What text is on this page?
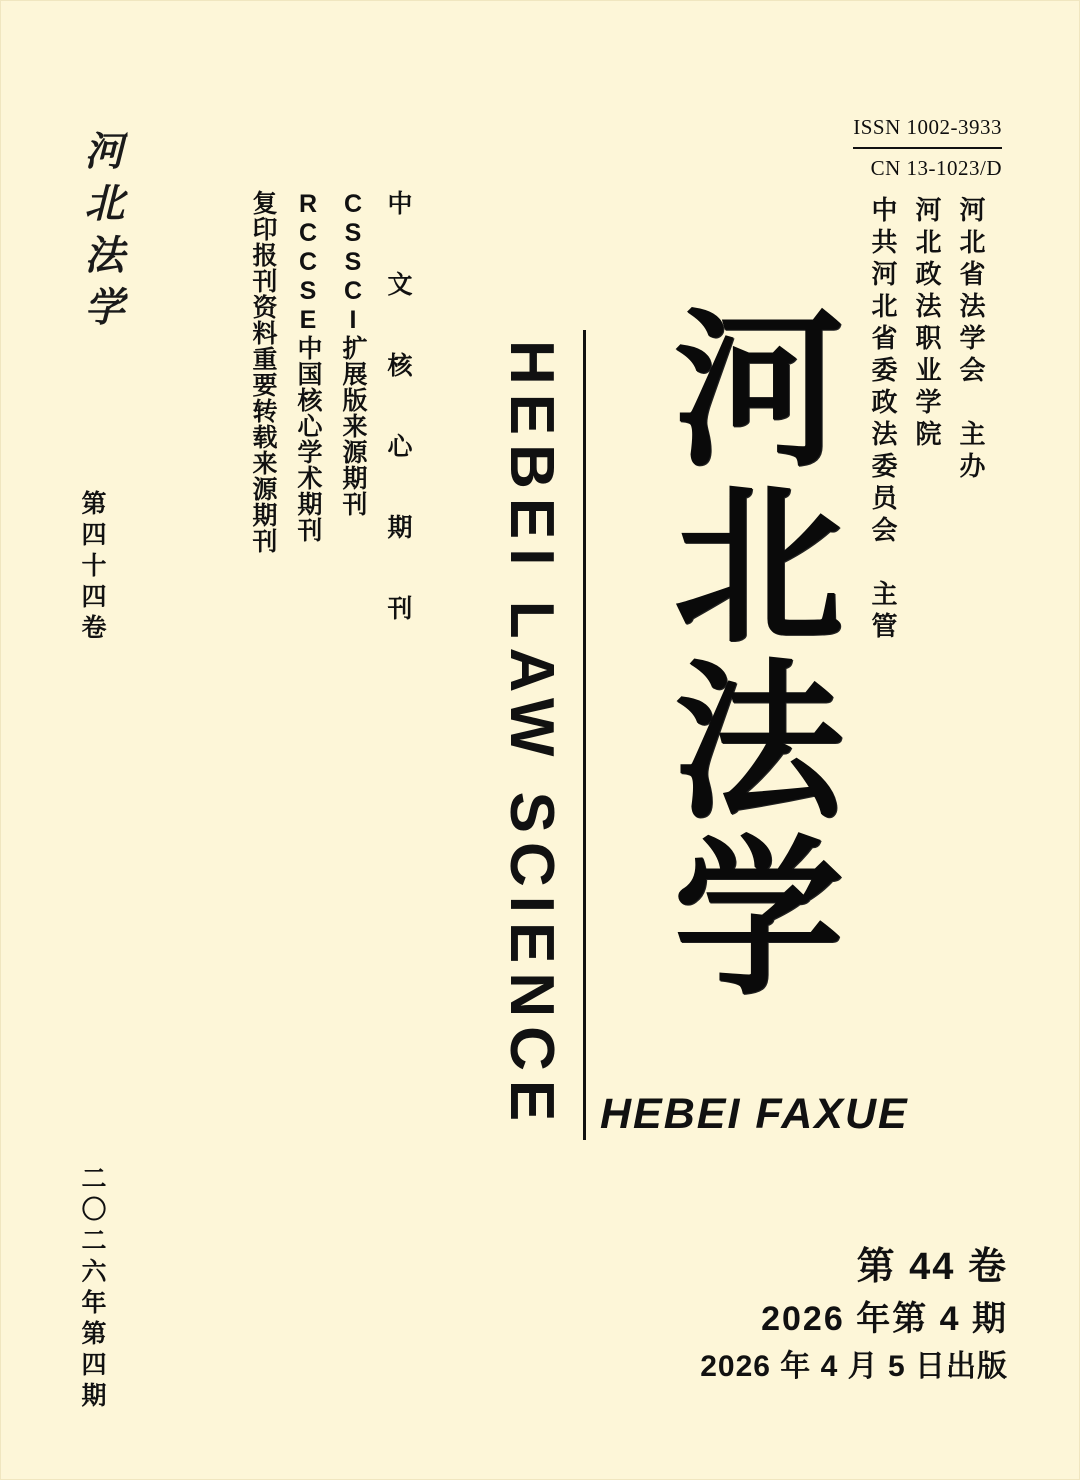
ISSN 1002-3933
CN 13-1023/D
中共河北省委政法委员会　主管 河北政法职业学院 河北省法学会　主办
河北法学
HEBEI LAW SCIENCE HEBEI FAXUE
复印报刊资料重要转载来源期刊 RCCSE中国核心学术期刊 CSSCI扩展版来源期刊 中 文 核 心 期 刊
河北法学
第四十四卷
二〇二六年第四期	第 44 卷
2026 年第 4 期
2026 年 4 月 5 日出版
